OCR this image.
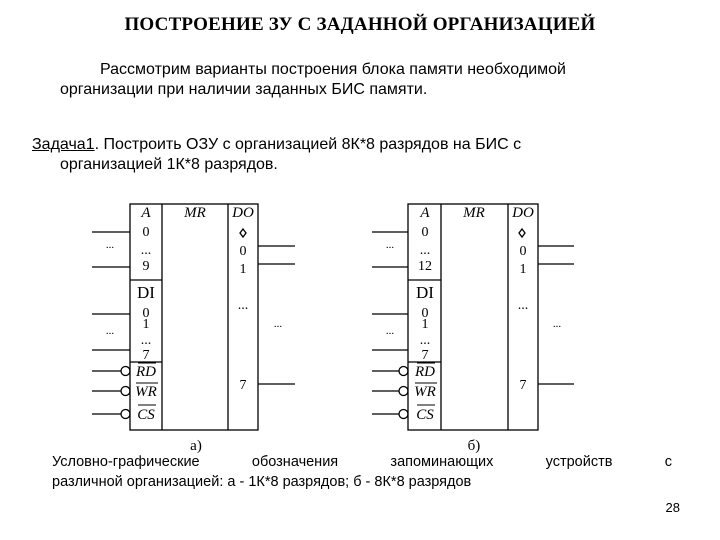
ПОСТРОЕНИЕ ЗУ С ЗАДАННОЙ ОРГАНИЗАЦИЕЙ
Рассмотрим варианты построения блока памяти необходимой
организации при наличии заданных БИС памяти.
Задача1. Построить ОЗУ с организацией 8К*8 разрядов на БИС с
организацией 1К*8 разрядов.
A MR DO
0
...
9
...	0
1
...
7
...
DI
0
1
...
7
...
RD
WR
CS
а)
A MR DO
0
...
12
...	0
1
...
7
...
DI
0
1
...
7
...
RD
WR
CS
б)
Условно-графические	обозначения	запоминающих	устройств	с
различной организацией: а - 1К*8 разрядов; б - 8К*8 разрядов
28
